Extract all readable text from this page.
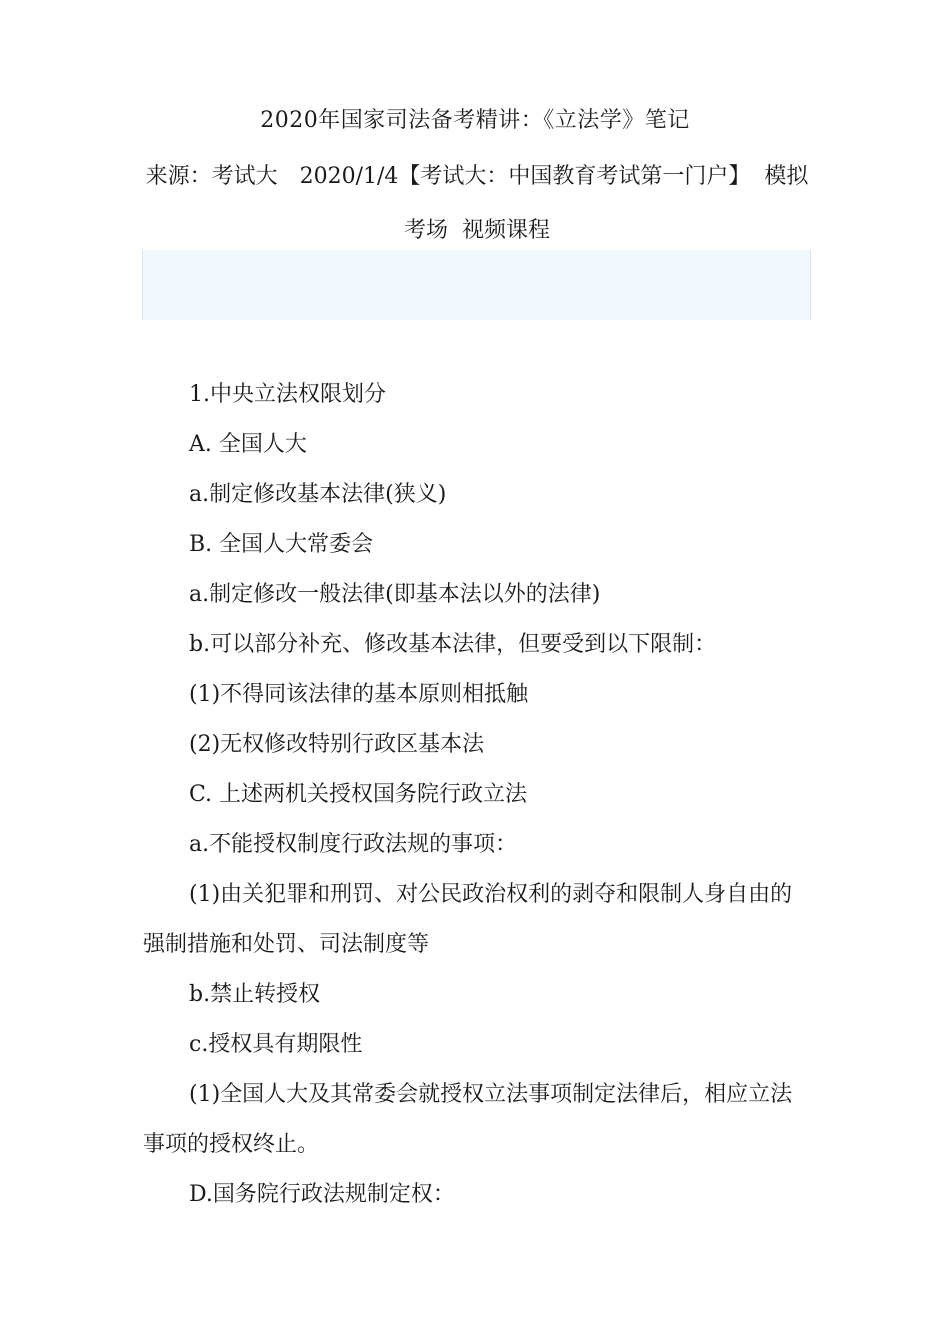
2020年国家司法备考精讲：《立法学》笔记
来源：考试大 2020/1/4【考试大：中国教育考试第一门户】 模拟考场 视频课程

1.中央立法权限划分

A. 全国人大

a.制定修改基本法律(狭义)

B. 全国人大常委会

a.制定修改一般法律(即基本法以外的法律)

b.可以部分补充、修改基本法律，但要受到以下限制：

(1)不得同该法律的基本原则相抵触

(2)无权修改特别行政区基本法

C. 上述两机关授权国务院行政立法

a.不能授权制度行政法规的事项：

(1)由关犯罪和刑罚、对公民政治权利的剥夺和限制人身自由的强制措施和处罚、司法制度等

b.禁止转授权

c.授权具有期限性

(1)全国人大及其常委会就授权立法事项制定法律后，相应立法事项的授权终止。

D.国务院行政法规制定权：
